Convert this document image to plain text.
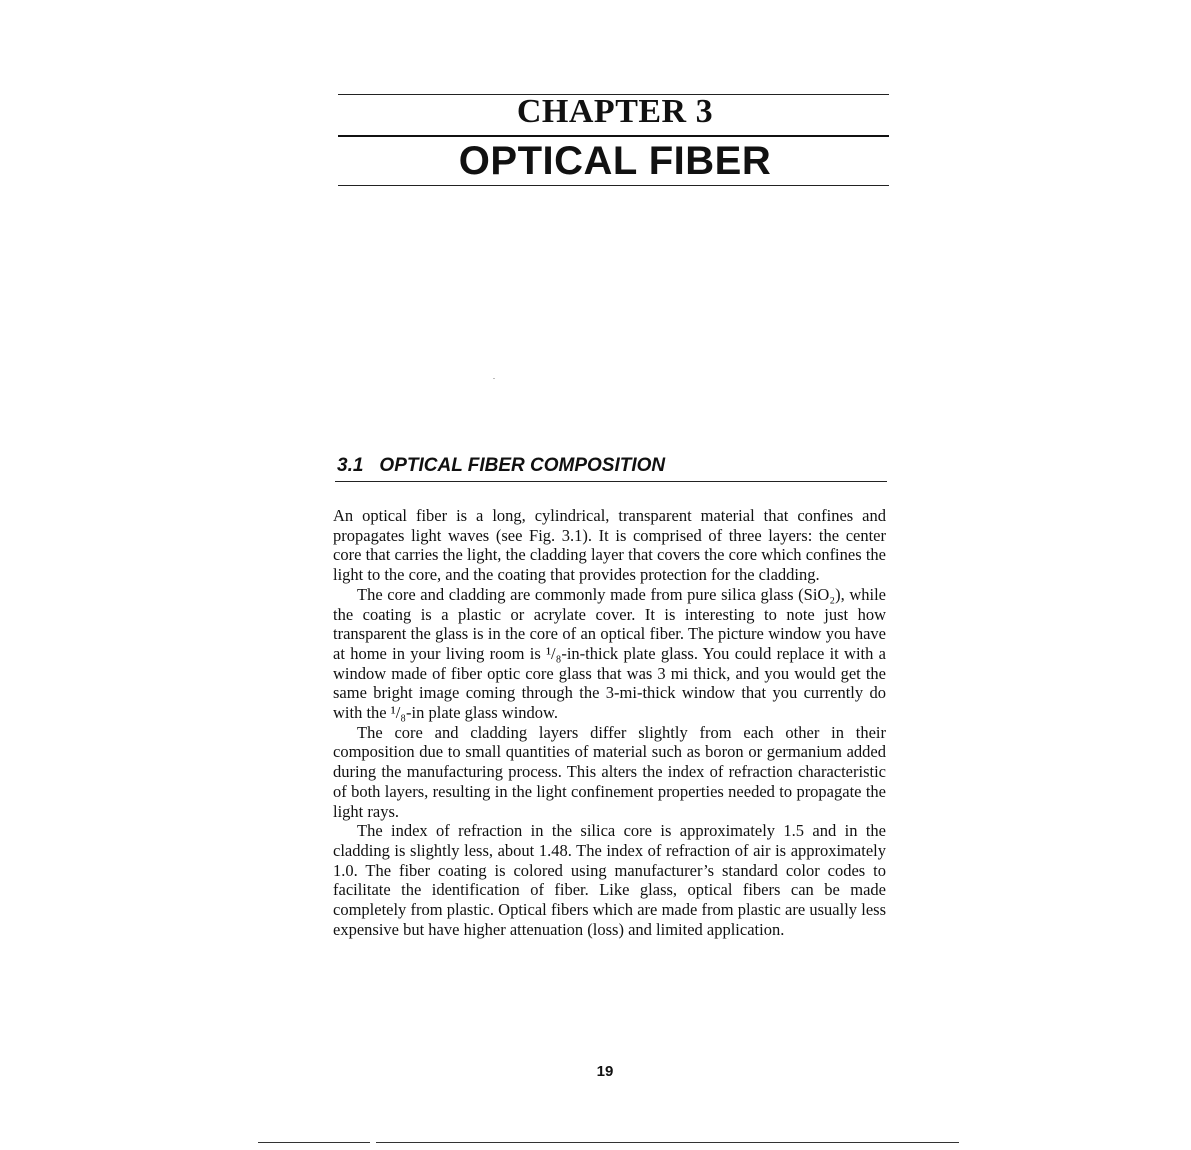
CHAPTER 3
OPTICAL FIBER
3.1 OPTICAL FIBER COMPOSITION

An optical fiber is a long, cylindrical, transparent material that confines and propagates light waves (see Fig. 3.1). It is comprised of three layers: the center core that carries the light, the cladding layer that covers the core which confines the light to the core, and the coating that provides protection for the cladding.

The core and cladding are commonly made from pure silica glass (SiO₂), while the coating is a plastic or acrylate cover. It is interesting to note just how transparent the glass is in the core of an optical fiber. The picture window you have at home in your living room is ¹/₈-in-thick plate glass. You could replace it with a window made of fiber optic core glass that was 3 mi thick, and you would get the same bright image coming through the 3-mi-thick window that you currently do with the ¹/₈-in plate glass window.

The core and cladding layers differ slightly from each other in their composition due to small quantities of material such as boron or germanium added during the manufacturing process. This alters the index of refraction characteristic of both layers, resulting in the light confinement properties needed to propagate the light rays.

The index of refraction in the silica core is approximately 1.5 and in the cladding is slightly less, about 1.48. The index of refraction of air is approximately 1.0. The fiber coating is colored using manufacturer’s standard color codes to facilitate the identification of fiber. Like glass, optical fibers can be made completely from plastic. Optical fibers which are made from plastic are usually less expensive but have higher attenuation (loss) and limited application.

19
